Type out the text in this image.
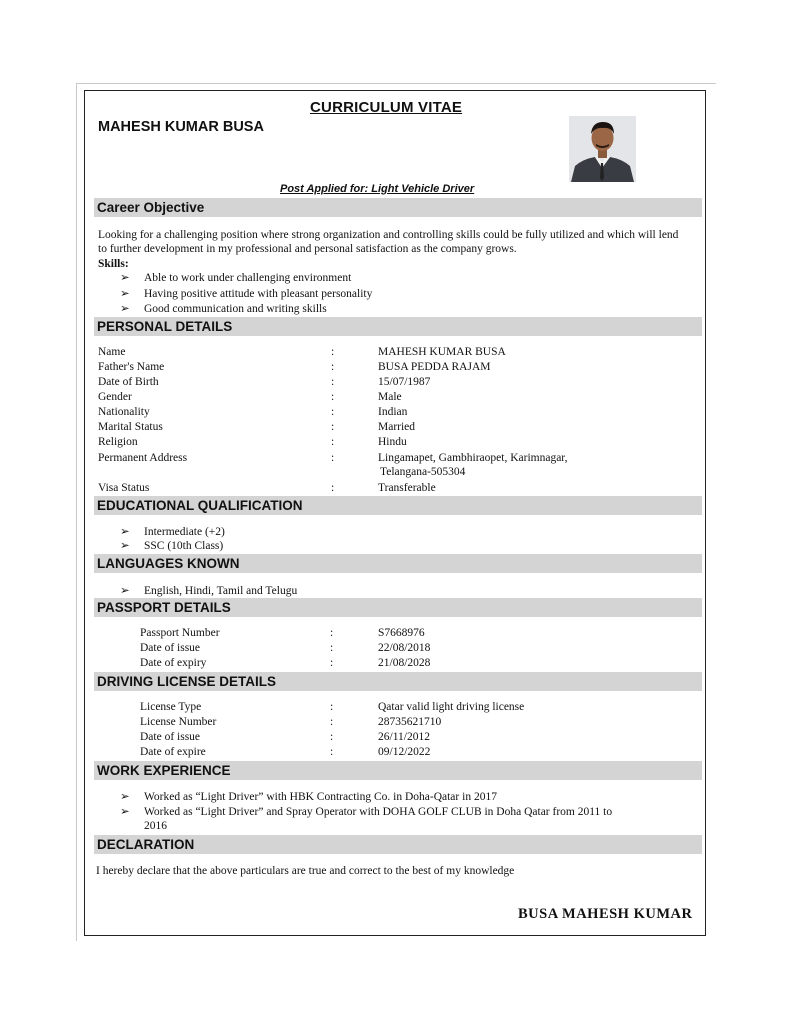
CURRICULUM VITAE
MAHESH KUMAR BUSA
Post Applied for: Light Vehicle Driver
Career Objective
Looking for a challenging position where strong organization and controlling skills could be fully utilized and which will lend to further development in my professional and personal satisfaction as the company grows.
Skills:
➢ Able to work under challenging environment
➢ Having positive attitude with pleasant personality
➢ Good communication and writing skills
PERSONAL DETAILS
Name	:	MAHESH KUMAR BUSA
Father's Name	:	BUSA PEDDA RAJAM
Date of Birth	:	15/07/1987
Gender	:	Male
Nationality	:	Indian
Marital Status	:	Married
Religion	:	Hindu
Permanent Address	:	Lingamapet, Gambhiraopet, Karimnagar,
Telangana-505304
Visa Status	:	Transferable
EDUCATIONAL QUALIFICATION
➢ Intermediate (+2)
➢ SSC (10th Class)
LANGUAGES KNOWN
➢ English, Hindi, Tamil and Telugu
PASSPORT DETAILS
Passport Number	:	S7668976
Date of issue	:	22/08/2018
Date of expiry	:	21/08/2028
DRIVING LICENSE DETAILS
License Type	:	Qatar valid light driving license
License Number	:	28735621710
Date of issue	:	26/11/2012
Date of expire	:	09/12/2022
WORK EXPERIENCE
➢ Worked as “Light Driver” with HBK Contracting Co. in Doha-Qatar in 2017
➢ Worked as “Light Driver” and Spray Operator with DOHA GOLF CLUB in Doha Qatar from 2011 to
2016
DECLARATION
I hereby declare that the above particulars are true and correct to the best of my knowledge
BUSA MAHESH KUMAR
